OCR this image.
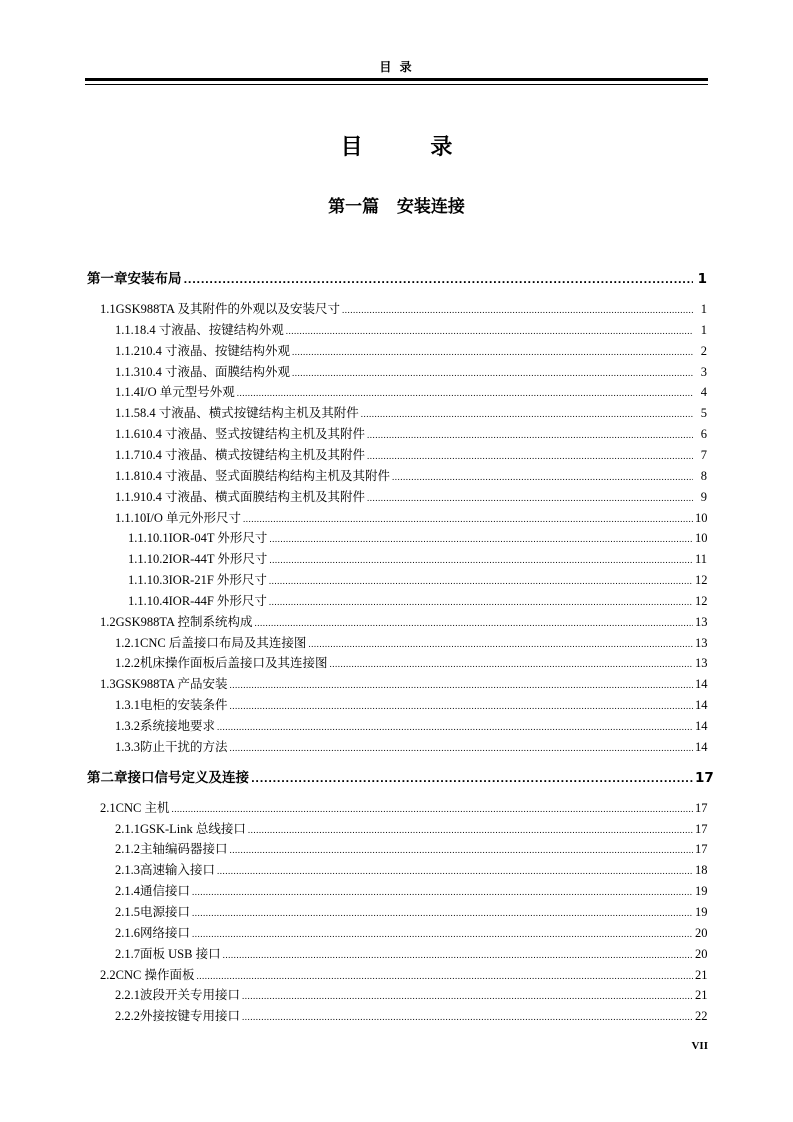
目 录
目 录
第一篇   安装连接
第一章 安装布局 .....	1
1.1 GSK988TA 及其附件的外观以及安装尺寸 .....	1
1.1.1 8.4 寸液晶、按键结构外观 .....	1
1.1.2 10.4 寸液晶、按键结构外观 .....	2
1.1.3 10.4 寸液晶、面膜结构外观 .....	3
1.1.4 I/O 单元型号外观 .....	4
1.1.5 8.4 寸液晶、横式按键结构主机及其附件 .....	5
1.1.6 10.4 寸液晶、竖式按键结构主机及其附件 .....	6
1.1.7 10.4 寸液晶、横式按键结构主机及其附件 .....	7
1.1.8 10.4 寸液晶、竖式面膜结构结构主机及其附件 .....	8
1.1.9 10.4 寸液晶、横式面膜结构主机及其附件 .....	9
1.1.10 I/O 单元外形尺寸 .....	10
1.1.10.1 IOR-04T 外形尺寸 .....	10
1.1.10.2 IOR-44T 外形尺寸 .....	11
1.1.10.3 IOR-21F 外形尺寸 .....	12
1.1.10.4 IOR-44F 外形尺寸 .....	12
1.2 GSK988TA 控制系统构成 .....	13
1.2.1 CNC 后盖接口布局及其连接图 .....	13
1.2.2 机床操作面板后盖接口及其连接图 .....	13
1.3 GSK988TA 产品安装 .....	14
1.3.1 电柜的安装条件 .....	14
1.3.2 系统接地要求 .....	14
1.3.3 防止干扰的方法 .....	14
第二章 接口信号定义及连接 .....	17
2.1 CNC 主机 .....	17
2.1.1 GSK-Link 总线接口 .....	17
2.1.2 主轴编码器接口 .....	17
2.1.3 高速输入接口 .....	18
2.1.4 通信接口 .....	19
2.1.5 电源接口 .....	19
2.1.6 网络接口 .....	20
2.1.7 面板 USB 接口 .....	20
2.2 CNC 操作面板 .....	21
2.2.1 波段开关专用接口 .....	21
2.2.2 外接按键专用接口 .....	22
VII
